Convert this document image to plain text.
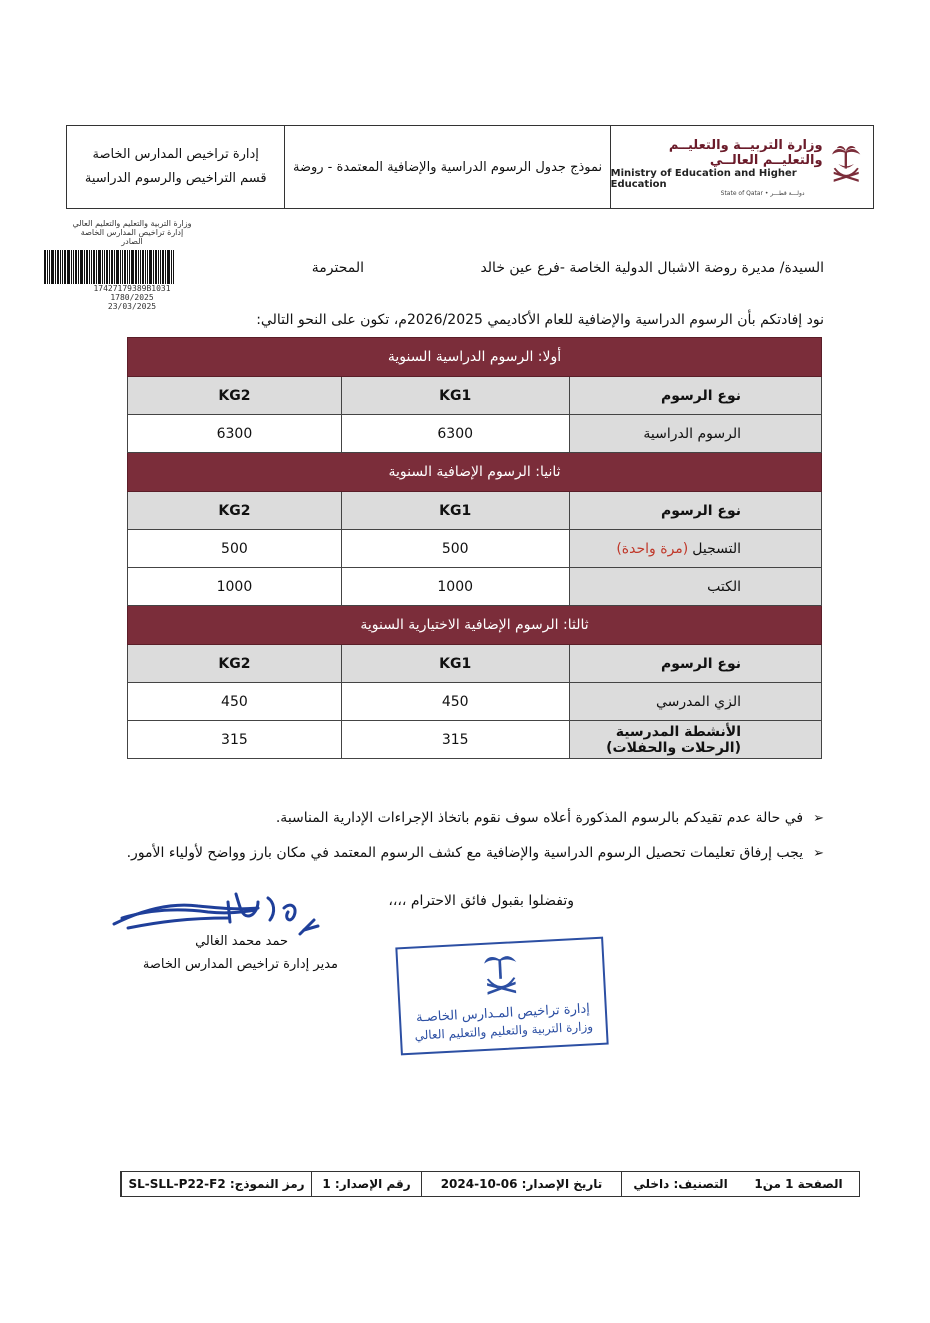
وزارة التربيــة والتعليــم والتعليــم العالــي
Ministry of Education and Higher Education
State of Qatar • دولـــة قطـــر
نموذج جدول الرسوم الدراسية والإضافية المعتمدة - روضة
إدارة تراخيص المدارس الخاصة
قسم التراخيص والرسوم الدراسية
وزارة التربية والتعليم والتعليم العالي
إدارة تراخيص المدارس الخاصة
الصادر
17427179389B1031
1780/2025
23/03/2025
السيدة/ مديرة روضة الاشبال الدولية الخاصة -فرع عين خالد
المحترمة
نود إفادتكم بأن الرسوم الدراسية والإضافية للعام الأكاديمي 2026/2025م، تكون على النحو التالي:
أولا: الرسوم الدراسية السنوية		
نوع الرسوم	KG1	KG2
الرسوم الدراسية	6300	6300
ثانيا: الرسوم الإضافية السنوية		
نوع الرسوم	KG1	KG2
التسجيل(مرة واحدة)	500	500
الكتب	1000	1000
ثالثا: الرسوم الإضافية الاختيارية السنوية		
نوع الرسوم	KG1	KG2
الزي المدرسي	450	450
الأنشطة المدرسية (الرحلات والحفلات)	315	315
➢في حالة عدم تقيدكم بالرسوم المذكورة أعلاه سوف نقوم باتخاذ الإجراءات الإدارية المناسبة.
➢يجب إرفاق تعليمات تحصيل الرسوم الدراسية والإضافية مع كشف الرسوم المعتمد في مكان بارز وواضح لأولياء الأمور.
وتفضلوا بقبول فائق الاحترام ،،،،
حمد محمد الغالي
مدير إدارة تراخيص المدارس الخاصة
إدارة تراخيص المـدارس الخاصـة
وزارة التربية والتعليم والتعليم العالي
رمز النموذج: SL-SLL-P22-F2	رقم الإصدار: 1	تاريخ الإصدار: 06-10-2024	التصنيف: داخلي	الصفحة 1 من1
